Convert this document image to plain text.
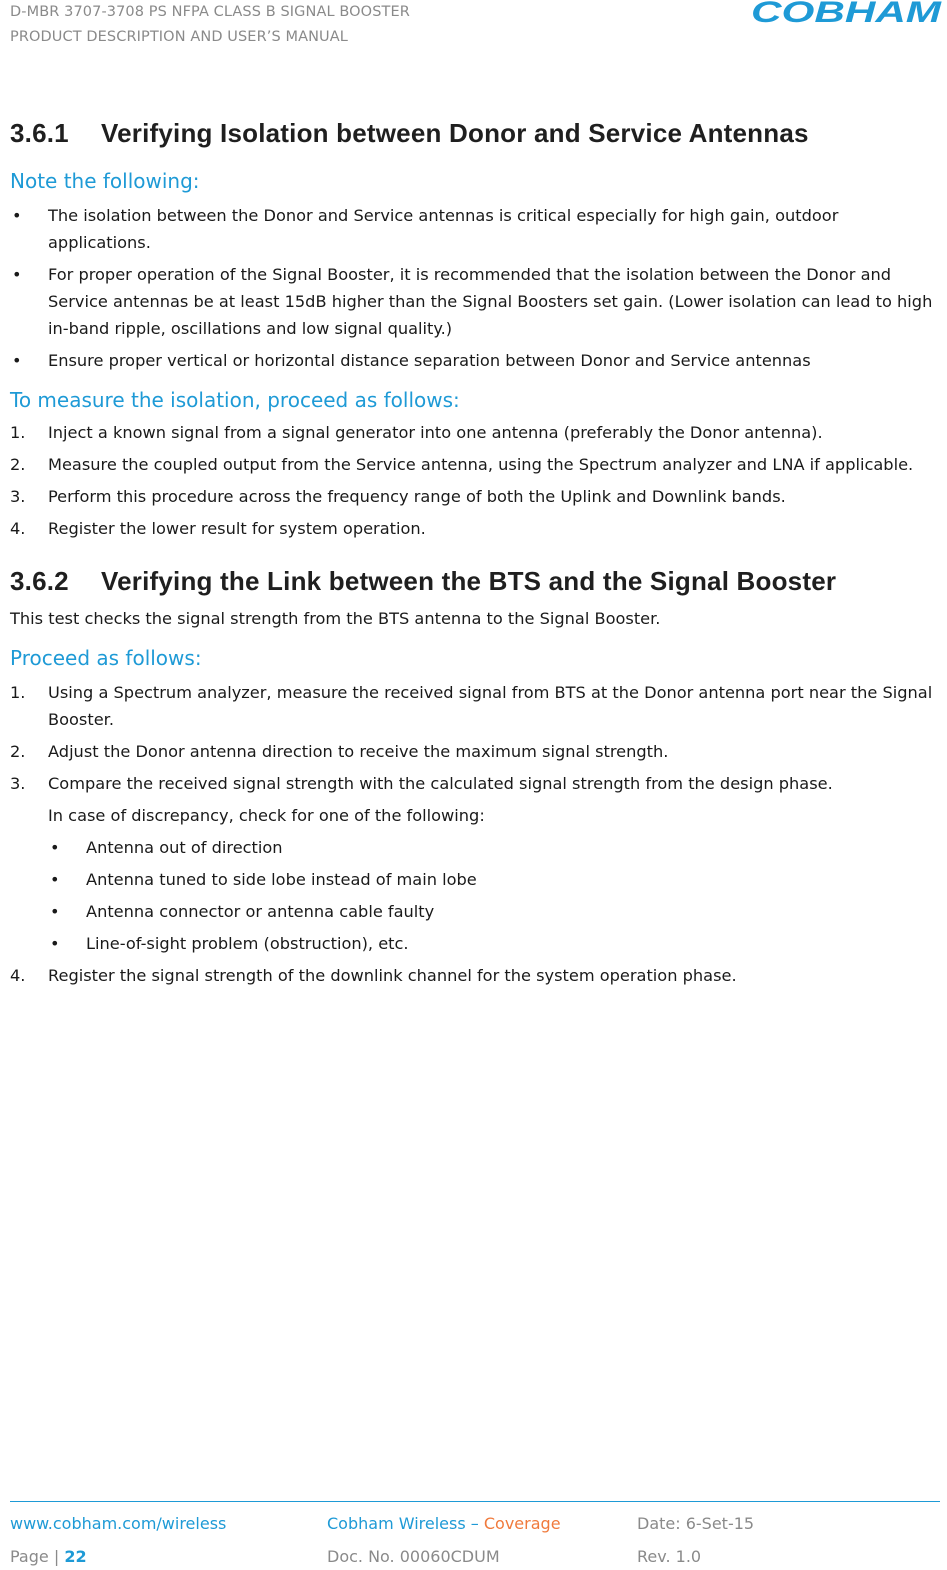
D-MBR 3707-3708 PS NFPA CLASS B SIGNAL BOOSTER
PRODUCT DESCRIPTION AND USER’S MANUAL
COBHAM
3.6.1	Verifying Isolation between Donor and Service Antennas
Note the following:
• The isolation between the Donor and Service antennas is critical especially for high gain, outdoor applications.
• For proper operation of the Signal Booster, it is recommended that the isolation between the Donor and Service antennas be at least 15dB higher than the Signal Boosters set gain. (Lower isolation can lead to high in-band ripple, oscillations and low signal quality.)
• Ensure proper vertical or horizontal distance separation between Donor and Service antennas
To measure the isolation, proceed as follows:
1.	Inject a known signal from a signal generator into one antenna (preferably the Donor antenna).
2.	Measure the coupled output from the Service antenna, using the Spectrum analyzer and LNA if applicable.
3.	Perform this procedure across the frequency range of both the Uplink and Downlink bands.
4.	Register the lower result for system operation.
3.6.2	Verifying the Link between the BTS and the Signal Booster

This test checks the signal strength from the BTS antenna to the Signal Booster.

Proceed as follows:
1.	Using a Spectrum analyzer, measure the received signal from BTS at the Donor antenna port near the Signal Booster.
2.	Adjust the Donor antenna direction to receive the maximum signal strength.
3.	Compare the received signal strength with the calculated signal strength from the design phase.
In case of discrepancy, check for one of the following:
• Antenna out of direction
• Antenna tuned to side lobe instead of main lobe
• Antenna connector or antenna cable faulty
• Line-of-sight problem (obstruction), etc.
4.	Register the signal strength of the downlink channel for the system operation phase.
www.cobham.com/wireless	Cobham Wireless – Coverage	Date: 6-Set-15
Page | 22	Doc. No. 00060CDUM	Rev. 1.0
